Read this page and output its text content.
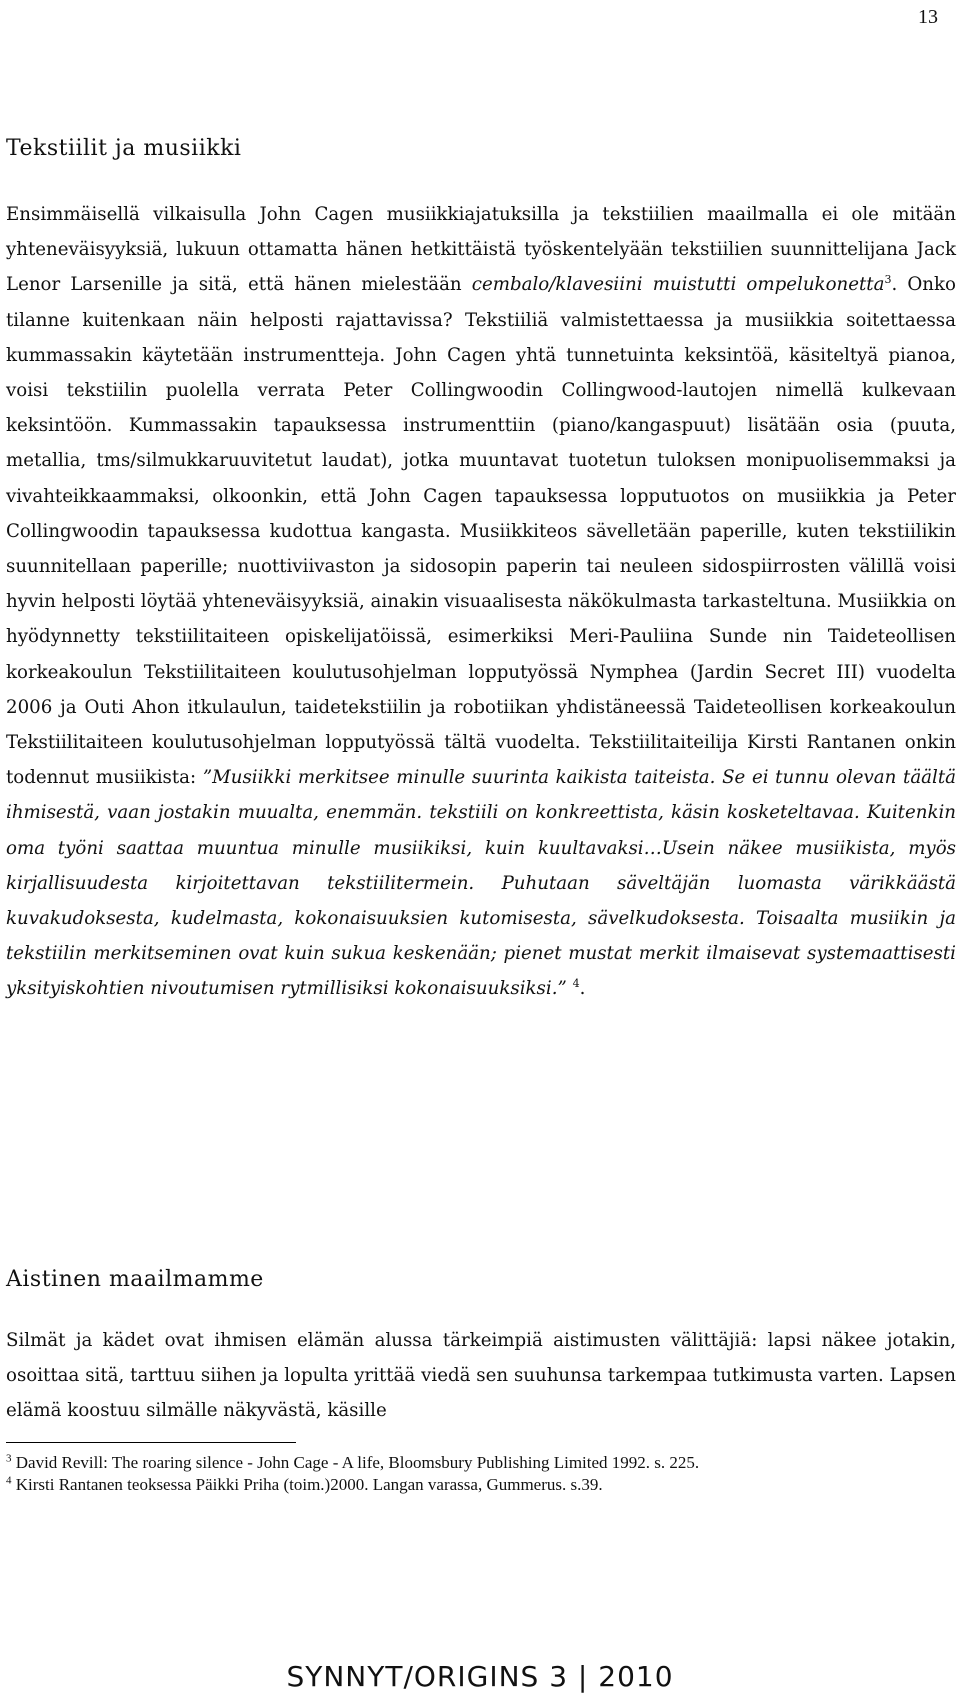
13
Tekstiilit ja musiikki

Ensimmäisellä vilkaisulla John Cagen musiikkiajatuksilla ja tekstiilien maailmalla ei ole mitään yhteneväisyyksiä, lukuun ottamatta hänen hetkittäistä työskentelyään tekstiilien suunnittelijana Jack Lenor Larsenille ja sitä, että hänen mielestään cembalo/klavesiini muistutti ompelukonetta$^3$. Onko tilanne kuitenkaan näin helposti rajattavissa? Tekstiiliä valmistettaessa ja musiikkia soitettaessa kummassakin käytetään instrumentteja. John Cagen yhtä tunnetuinta keksintöä, käsiteltyä pianoa, voisi tekstiilin puolella verrata Peter Collingwoodin Collingwood-lautojen nimellä kulkevaan keksintöön. Kummassakin tapauksessa instrumenttiin (piano/kangaspuut) lisätään osia (puuta, metallia, tms/silmukkaruuvitetut laudat), jotka muuntavat tuotetun tuloksen monipuolisemmaksi ja vivahteikkaammaksi, olkoonkin, että John Cagen tapauksessa lopputuotos on musiikkia ja Peter Collingwoodin tapauksessa kudottua kangasta. Musiikkiteos sävelletään paperille, kuten tekstiilikin suunnitellaan paperille; nuottiviivaston ja sidosopin paperin tai neuleen sidospiirrosten välillä voisi hyvin helposti löytää yhteneväisyyksiä, ainakin visuaalisesta näkökulmasta tarkasteltuna. Musiikkia on hyödynnetty tekstiilitaiteen opiskelijatöissä, esimerkiksi Meri-Pauliina Sunde nin Taideteollisen korkeakoulun Tekstiilitaiteen koulutusohjelman lopputyössä Nymphea (Jardin Secret III) vuodelta 2006 ja Outi Ahon itkulaulun, taidetekstiilin ja robotiikan yhdistäneessä Taideteollisen korkeakoulun Tekstiilitaiteen koulutusohjelman lopputyössä tältä vuodelta. Tekstiilitaiteilija Kirsti Rantanen onkin todennut musiikista: ”Musiikki merkitsee minulle suurinta kaikista taiteista. Se ei tunnu olevan täältä ihmisestä, vaan jostakin muualta, enemmän. tekstiili on konkreettista, käsin kosketeltavaa. Kuitenkin oma työni saattaa muuntua minulle musiikiksi, kuin kuultavaksi…Usein näkee musiikista, myös kirjallisuudesta kirjoitettavan tekstiilitermein. Puhutaan säveltäjän luomasta värikkäästä kuvakudoksesta, kudelmasta, kokonaisuuksien kutomisesta, sävelkudoksesta. Toisaalta musiikin ja tekstiilin merkitseminen ovat kuin sukua keskenään; pienet mustat merkit ilmaisevat systemaattisesti yksityiskohtien nivoutumisen rytmillisiksi kokonaisuuksiksi.” $^4$.

Aistinen maailmamme

Silmät ja kädet ovat ihmisen elämän alussa tärkeimpiä aistimusten välittäjiä: lapsi näkee jotakin, osoittaa sitä, tarttuu siihen ja lopulta yrittää viedä sen suuhunsa tarkempaa tutkimusta varten. Lapsen elämä koostuu silmälle näkyvästä, käsille

$^3$ David Revill: The roaring silence - John Cage - A life, Bloomsbury Publishing Limited 1992. s. 225.
$^4$ Kirsti Rantanen teoksessa Päikki Priha (toim.)2000. Langan varassa, Gummerus. s.39.
SYNNYT/ORIGINS 3 | 2010
